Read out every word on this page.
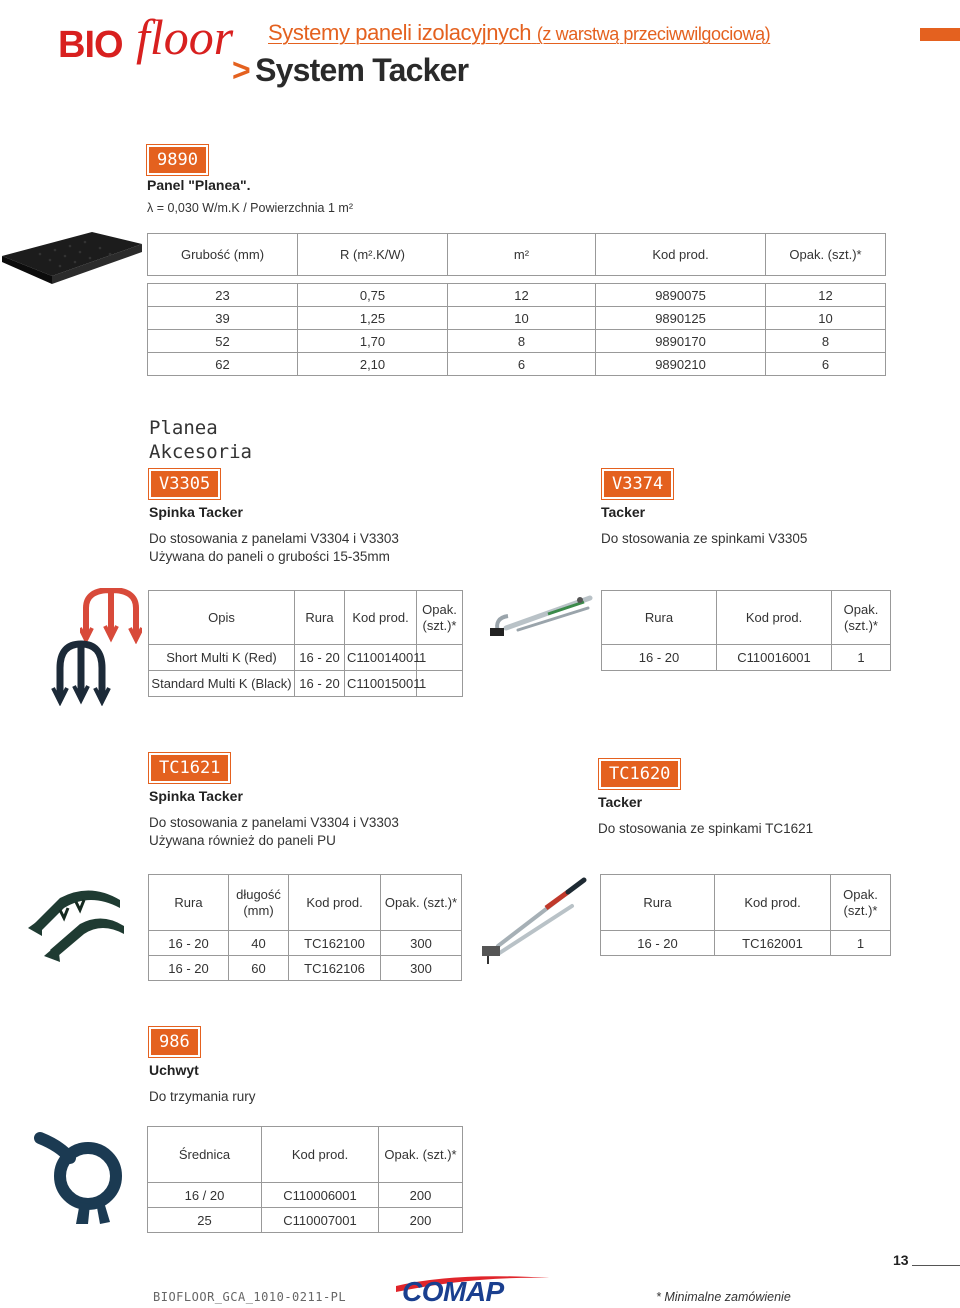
BIO floor Systemy paneli izolacyjnych (z warstwą przeciwwilgociową)
> System Tacker
9890
Panel "Planea".
λ = 0,030 W/m.K / Powierzchnia 1 m²
Grubość (mm)	R (m².K/W)	m²	Kod prod.	Opak. (szt.)*

23	0,75	12	9890075	12
39	1,25	10	9890125	10
52	1,70	8	9890170	8
62	2,10	6	9890210	6
Planea
Akcesoria
V3305
Spinka Tacker
Do stosowania z panelami V3304 i V3303
Używana do paneli o grubości 15-35mm
Opis	Rura	Kod prod.	Opak. (szt.)*
Short Multi K (Red)	16 - 20	C110014001	1
Standard Multi K (Black)	16 - 20	C110015001	1
V3374
Tacker
Do stosowania ze spinkami V3305
Rura	Kod prod.	Opak. (szt.)*
16 - 20	C110016001	1
TC1621
Spinka Tacker
Do stosowania z panelami V3304 i V3303
Używana również do paneli PU
Rura	długość (mm)	Kod prod.	Opak. (szt.)*
16 - 20	40	TC162100	300
16 - 20	60	TC162106	300
TC1620
Tacker
Do stosowania ze spinkami TC1621
Rura	Kod prod.	Opak. (szt.)*
16 - 20	TC162001	1
986
Uchwyt
Do trzymania rury
Średnica	Kod prod.	Opak. (szt.)*
16 / 20	C110006001	200
25	C110007001	200
13
BIOFLOOR_GCA_1010-0211-PL COMAP	* Minimalne zamówienie
